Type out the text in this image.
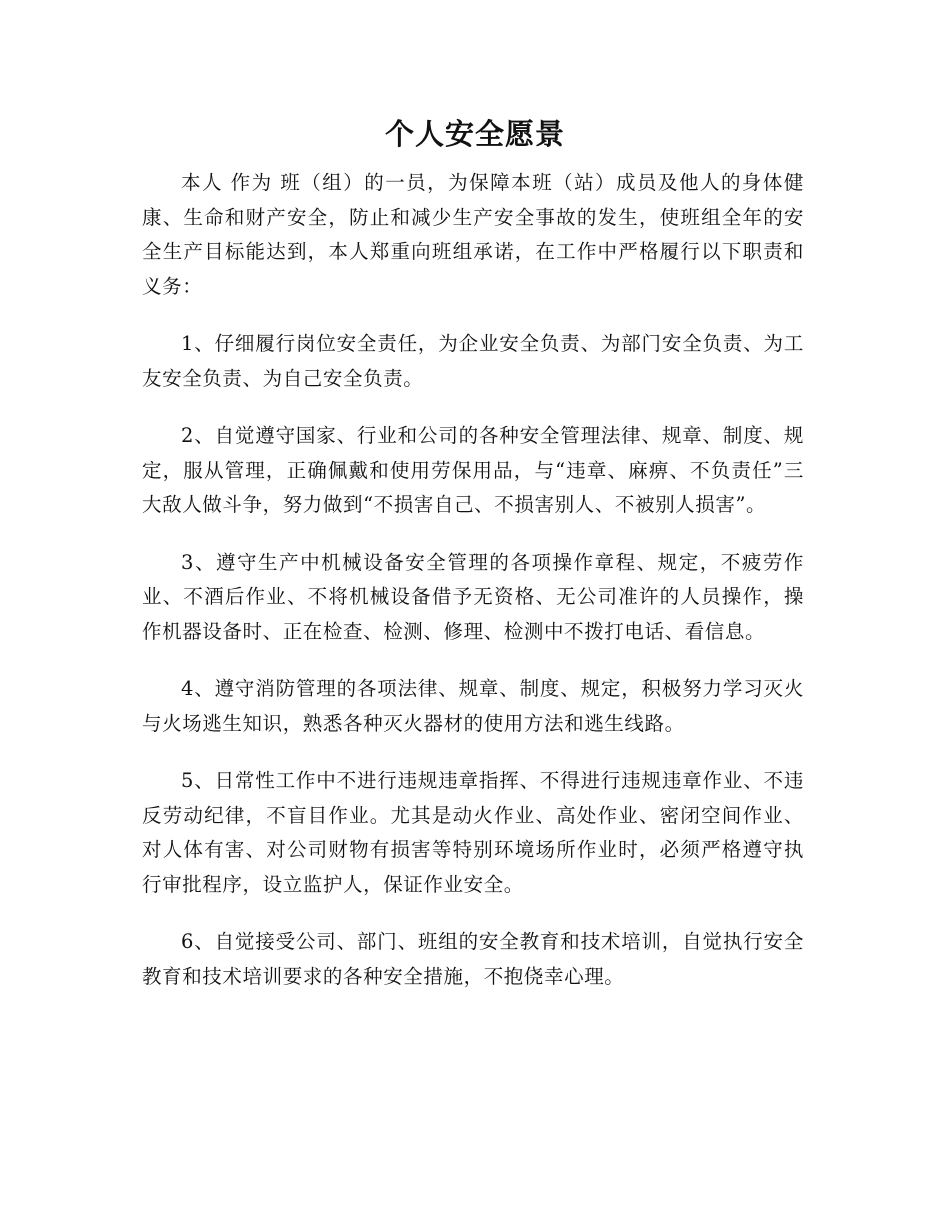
个人安全愿景

本人 作为 班（组）的一员，为保障本班（站）成员及他人的身体健康、生命和财产安全，防止和减少生产安全事故的发生，使班组全年的安全生产目标能达到，本人郑重向班组承诺，在工作中严格履行以下职责和义务：

1、仔细履行岗位安全责任，为企业安全负责、为部门安全负责、为工友安全负责、为自己安全负责。

2、自觉遵守国家、行业和公司的各种安全管理法律、规章、制度、规定，服从管理，正确佩戴和使用劳保用品，与“违章、麻痹、不负责任”三大敌人做斗争，努力做到“不损害自己、不损害别人、不被别人损害”。

3、遵守生产中机械设备安全管理的各项操作章程、规定，不疲劳作业、不酒后作业、不将机械设备借予无资格、无公司准许的人员操作，操作机器设备时、正在检查、检测、修理、检测中不拨打电话、看信息。

4、遵守消防管理的各项法律、规章、制度、规定，积极努力学习灭火与火场逃生知识，熟悉各种灭火器材的使用方法和逃生线路。

5、日常性工作中不进行违规违章指挥、不得进行违规违章作业、不违反劳动纪律，不盲目作业。尤其是动火作业、高处作业、密闭空间作业、对人体有害、对公司财物有损害等特别环境场所作业时，必须严格遵守执行审批程序，设立监护人，保证作业安全。

6、自觉接受公司、部门、班组的安全教育和技术培训，自觉执行安全教育和技术培训要求的各种安全措施，不抱侥幸心理。
